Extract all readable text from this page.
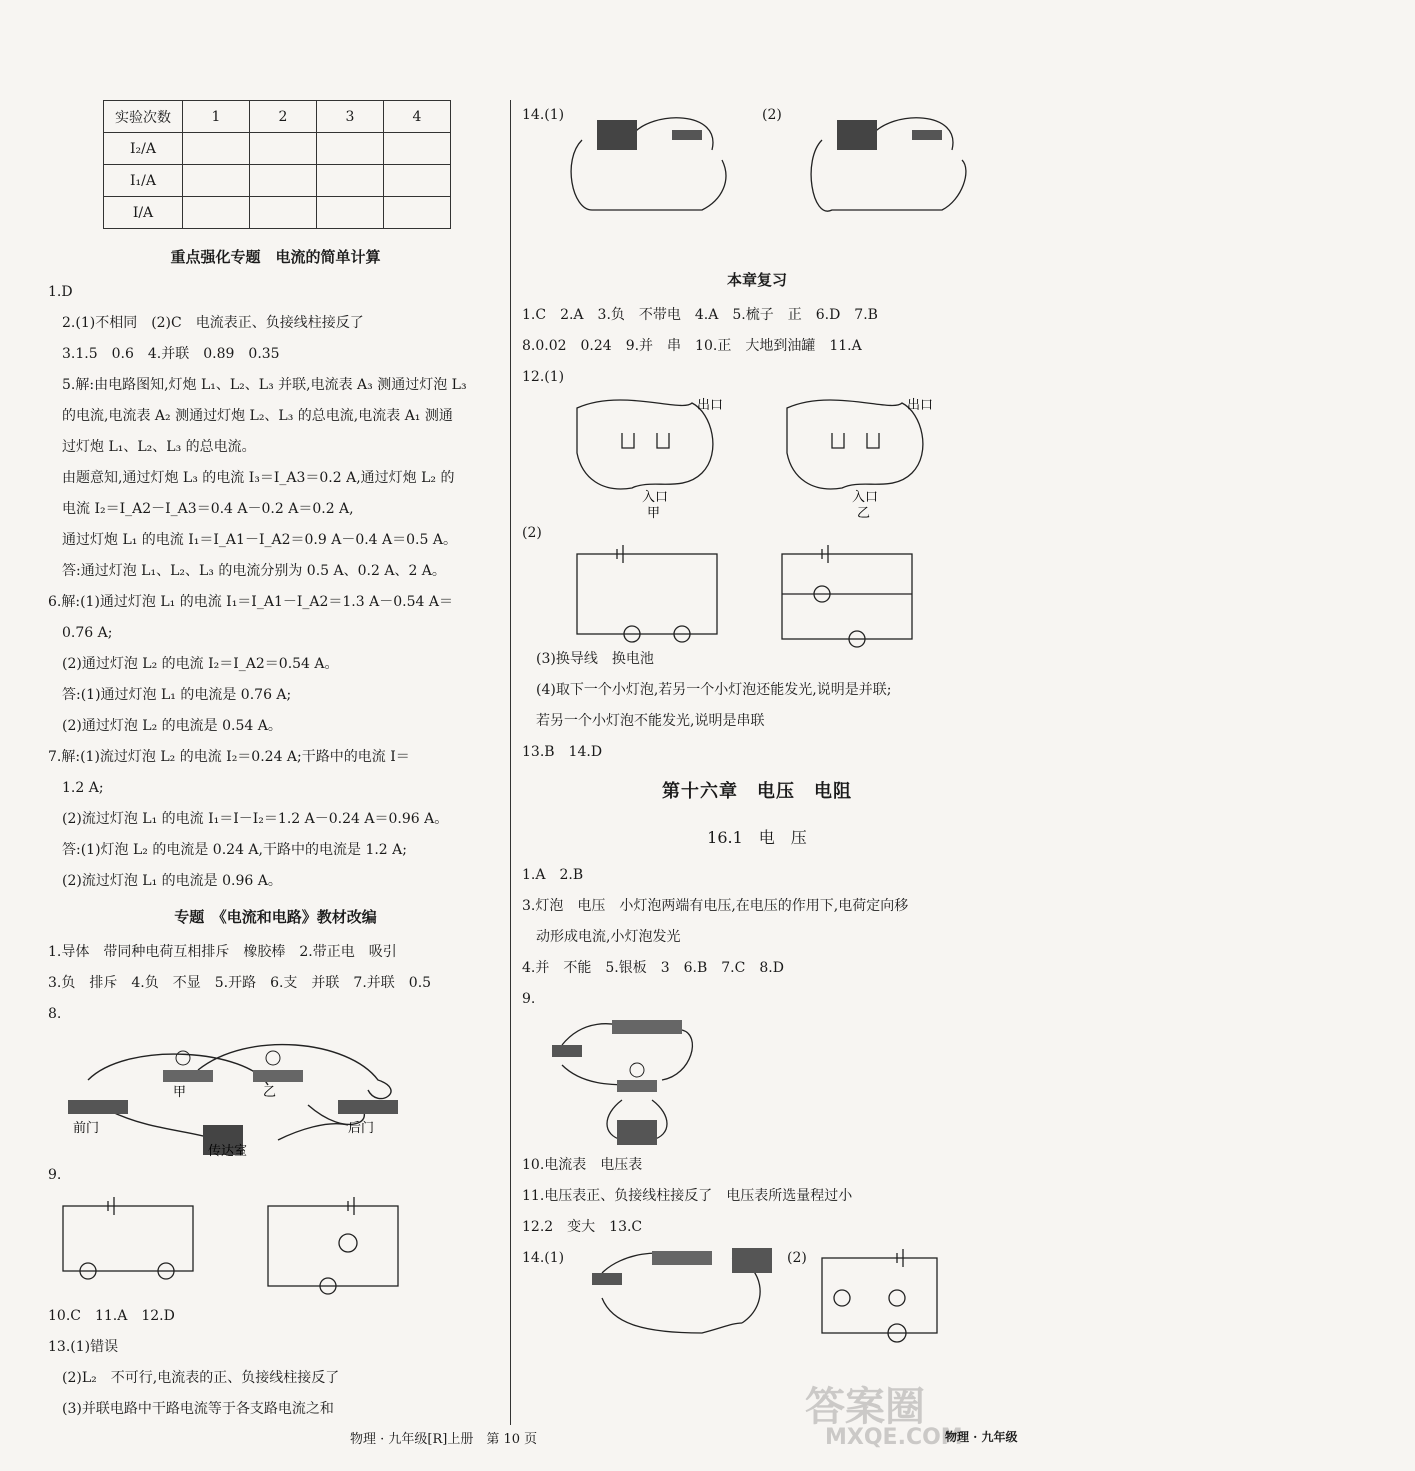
实验次数	1	2	3	4
I₂/A				
I₁/A				
I/A				
重点强化专题　电流的简单计算
1.D
2.(1)不相同　(2)C　电流表正、负接线柱接反了
3.1.5　0.6　4.并联　0.89　0.35
5.解:由电路图知,灯炮 L₁、L₂、L₃ 并联,电流表 A₃ 测通过灯泡 L₃
的电流,电流表 A₂ 测通过灯炮 L₂、L₃ 的总电流,电流表 A₁ 测通
过灯炮 L₁、L₂、L₃ 的总电流。
由题意知,通过灯炮 L₃ 的电流 I₃＝I_A3＝0.2 A,通过灯炮 L₂ 的
电流 I₂＝I_A2－I_A3＝0.4 A－0.2 A＝0.2 A,
通过灯炮 L₁ 的电流 I₁＝I_A1－I_A2＝0.9 A－0.4 A＝0.5 A。
答:通过灯泡 L₁、L₂、L₃ 的电流分别为 0.5 A、0.2 A、2 A。
6.解:(1)通过灯泡 L₁ 的电流 I₁＝I_A1－I_A2＝1.3 A－0.54 A＝
0.76 A;
(2)通过灯泡 L₂ 的电流 I₂＝I_A2＝0.54 A。
答:(1)通过灯泡 L₁ 的电流是 0.76 A;
(2)通过灯泡 L₂ 的电流是 0.54 A。
7.解:(1)流过灯泡 L₂ 的电流 I₂＝0.24 A;干路中的电流 I＝
1.2 A;
(2)流过灯泡 L₁ 的电流 I₁＝I－I₂＝1.2 A－0.24 A＝0.96 A。
答:(1)灯泡 L₂ 的电流是 0.24 A,干路中的电流是 1.2 A;
(2)流过灯泡 L₁ 的电流是 0.96 A。
专题　《电流和电路》教材改编
1.导体　带同种电荷互相排斥　橡胶棒　2.带正电　吸引
3.负　排斥　4.负　不显　5.开路　6.支　并联　7.并联　0.5
8.
甲	乙
前门	后门
传达室
9.
10.C　11.A　12.D
13.(1)错误
(2)L₂　不可行,电流表的正、负接线柱接反了
(3)并联电路中干路电流等于各支路电流之和
14.(1)	(2)
本章复习
1.C　2.A　3.负　不带电　4.A　5.梳子　正　6.D　7.B
8.0.02　0.24　9.并　串　10.正　大地到油罐　11.A
12.(1)
出口	出口
入口	入口
甲	乙
(2)
(3)换导线　换电池
(4)取下一个小灯泡,若另一个小灯泡还能发光,说明是并联;
若另一个小灯泡不能发光,说明是串联
13.B　14.D
第十六章　电压　电阻
16.1　电　压
1.A　2.B
3.灯泡　电压　小灯泡两端有电压,在电压的作用下,电荷定向移
动形成电流,小灯泡发光
4.并　不能　5.银板　3　6.B　7.C　8.D
9.
10.电流表　电压表
11.电压表正、负接线柱接反了　电压表所选量程过小
12.2　变大　13.C
14.(1)	(2)
答案圈
MXQE.COM
物理 · 九年级[R]上册　第 10 页	物理 · 九年级
